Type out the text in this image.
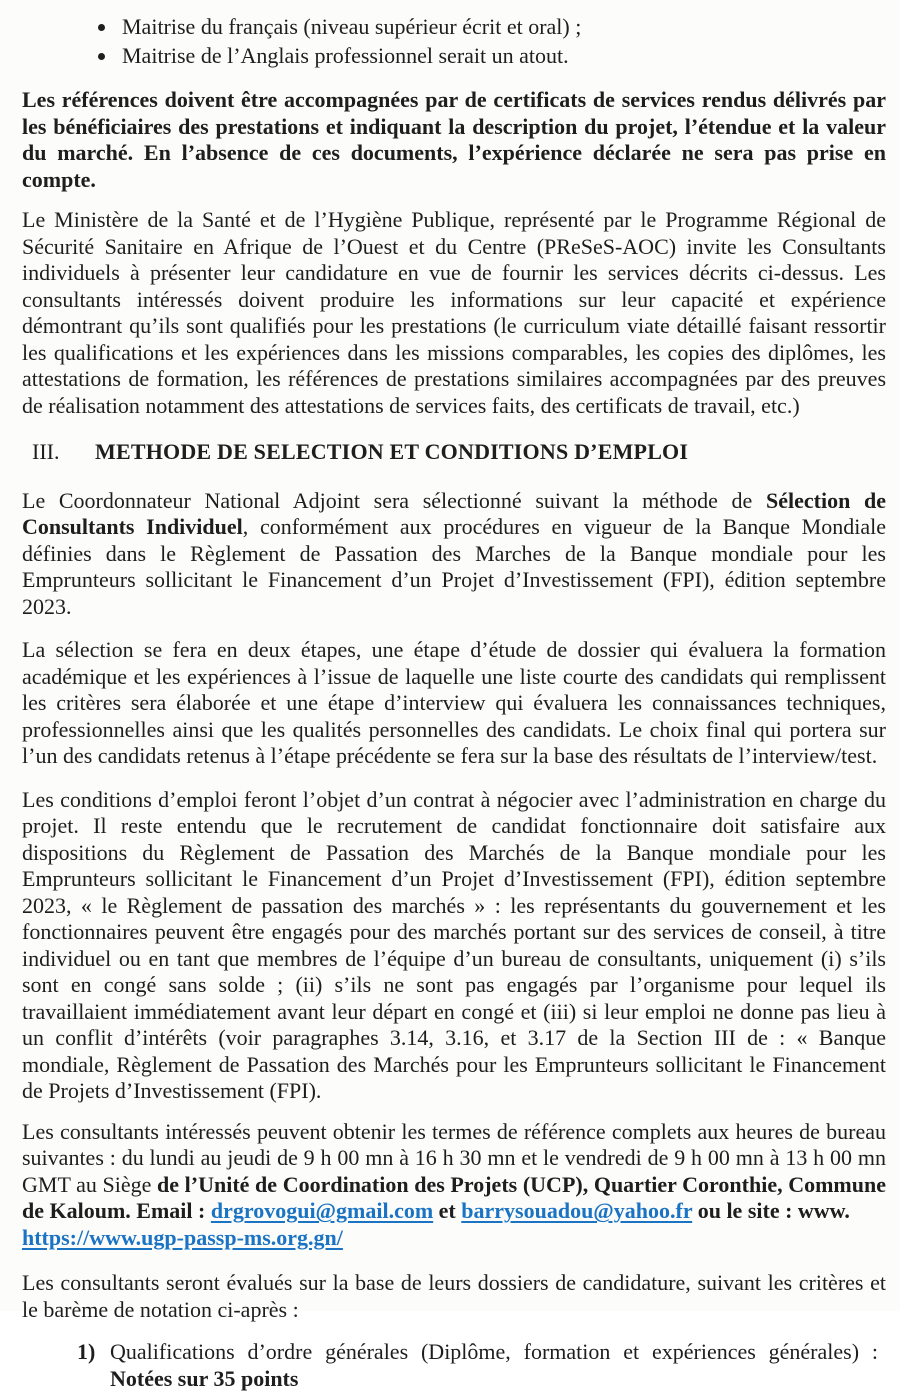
• Maitrise du français (niveau supérieur écrit et oral) ;
• Maitrise de l’Anglais professionnel serait un atout.

Les références doivent être accompagnées par de certificats de services rendus délivrés par les bénéficiaires des prestations et indiquant la description du projet, l’étendue et la valeur du marché. En l’absence de ces documents, l’expérience déclarée ne sera pas prise en compte.

Le Ministère de la Santé et de l’Hygiène Publique, représenté par le Programme Régional de Sécurité Sanitaire en Afrique de l’Ouest et du Centre (PReSeS-AOC) invite les Consultants individuels à présenter leur candidature en vue de fournir les services décrits ci-dessus. Les consultants intéressés doivent produire les informations sur leur capacité et expérience démontrant qu’ils sont qualifiés pour les prestations (le curriculum viate détaillé faisant ressortir les qualifications et les expériences dans les missions comparables, les copies des diplômes, les attestations de formation, les références de prestations similaires accompagnées par des preuves de réalisation notamment des attestations de services faits, des certificats de travail, etc.)

III. METHODE DE SELECTION ET CONDITIONS D’EMPLOI

Le Coordonnateur National Adjoint sera sélectionné suivant la méthode de Sélection de Consultants Individuel, conformément aux procédures en vigueur de la Banque Mondiale définies dans le Règlement de Passation des Marches de la Banque mondiale pour les Emprunteurs sollicitant le Financement d’un Projet d’Investissement (FPI), édition septembre 2023.

La sélection se fera en deux étapes, une étape d’étude de dossier qui évaluera la formation académique et les expériences à l’issue de laquelle une liste courte des candidats qui remplissent les critères sera élaborée et une étape d’interview qui évaluera les connaissances techniques, professionnelles ainsi que les qualités personnelles des candidats. Le choix final qui portera sur l’un des candidats retenus à l’étape précédente se fera sur la base des résultats de l’interview/test.

Les conditions d’emploi feront l’objet d’un contrat à négocier avec l’administration en charge du projet. Il reste entendu que le recrutement de candidat fonctionnaire doit satisfaire aux dispositions du Règlement de Passation des Marchés de la Banque mondiale pour les Emprunteurs sollicitant le Financement d’un Projet d’Investissement (FPI), édition septembre 2023, « le Règlement de passation des marchés » : les représentants du gouvernement et les fonctionnaires peuvent être engagés pour des marchés portant sur des services de conseil, à titre individuel ou en tant que membres de l’équipe d’un bureau de consultants, uniquement (i) s’ils sont en congé sans solde ; (ii) s’ils ne sont pas engagés par l’organisme pour lequel ils travaillaient immédiatement avant leur départ en congé et (iii) si leur emploi ne donne pas lieu à un conflit d’intérêts (voir paragraphes 3.14, 3.16, et 3.17 de la Section III de : « Banque mondiale, Règlement de Passation des Marchés pour les Emprunteurs sollicitant le Financement de Projets d’Investissement (FPI).

Les consultants intéressés peuvent obtenir les termes de référence complets aux heures de bureau suivantes : du lundi au jeudi de 9 h 00 mn à 16 h 30 mn et le vendredi de 9 h 00 mn à 13 h 00 mn GMT au Siège de l’Unité de Coordination des Projets (UCP), Quartier Coronthie, Commune de Kaloum. Email : drgrovogui@gmail.com et barrysouadou@yahoo.fr ou le site : www.
https://www.ugp-passp-ms.org.gn/

Les consultants seront évalués sur la base de leurs dossiers de candidature, suivant les critères et le barème de notation ci-après :

1) Qualifications d’ordre générales (Diplôme, formation et expériences générales) : Notées sur 35 points
